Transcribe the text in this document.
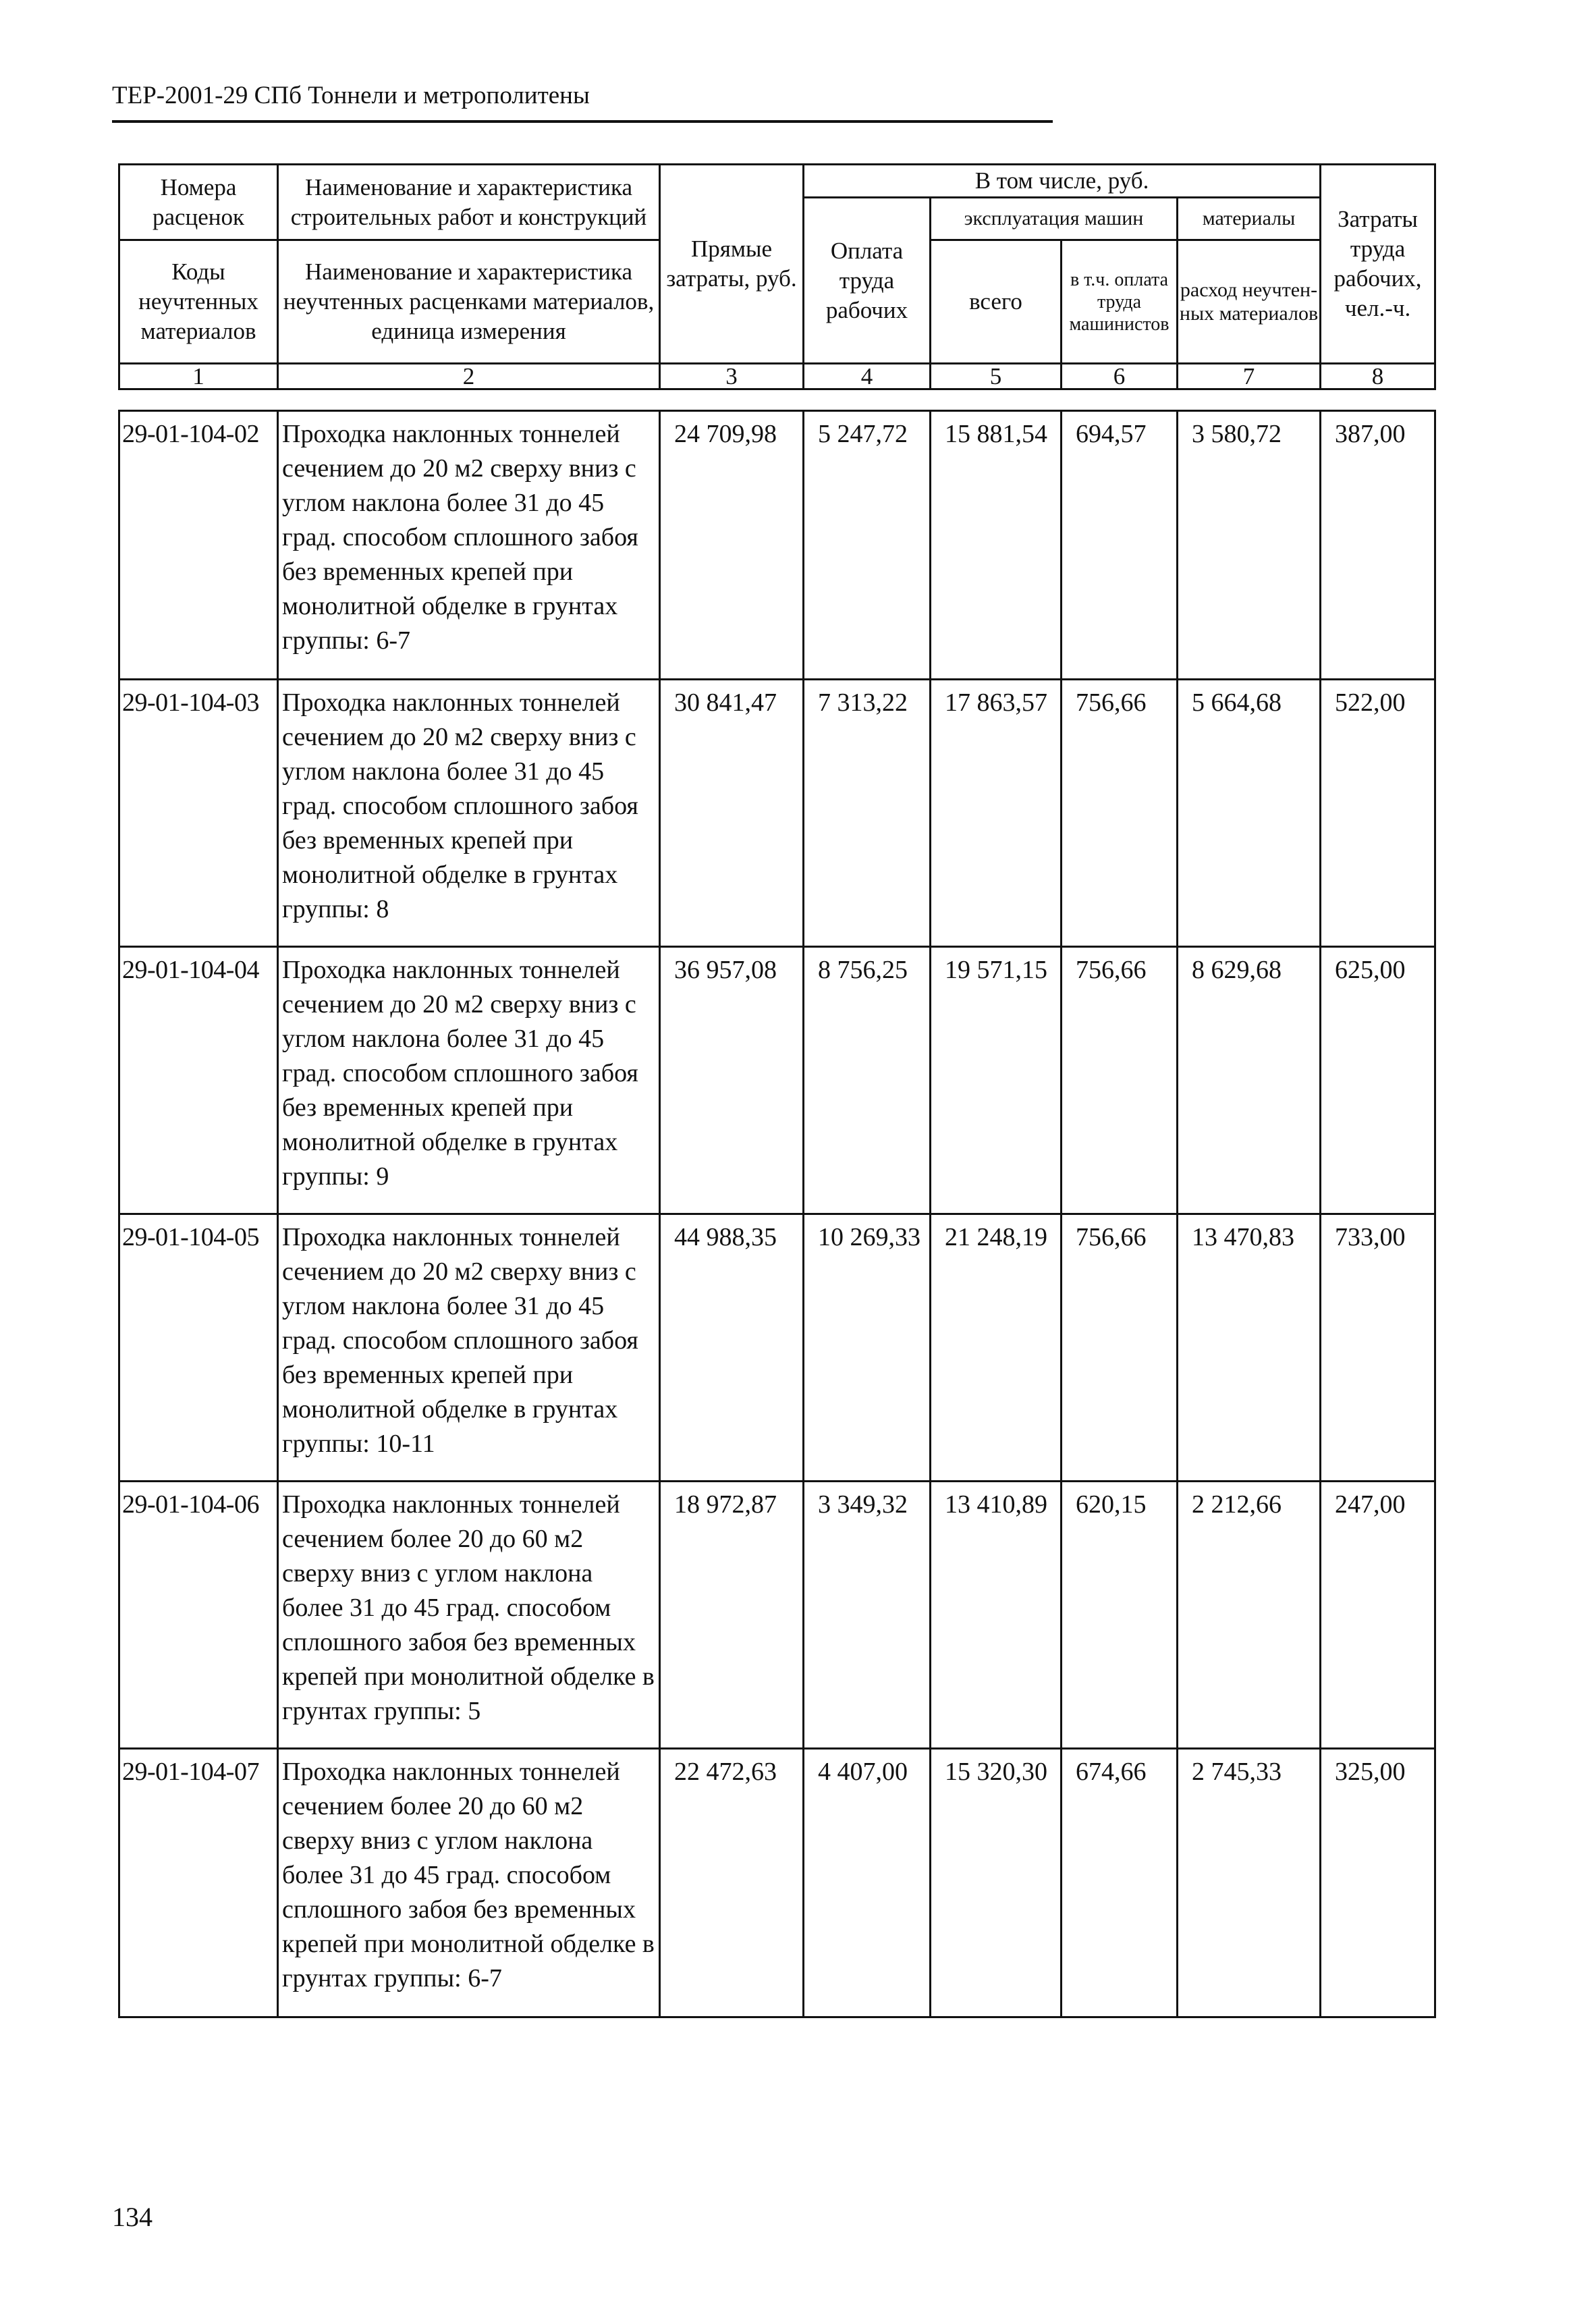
ТЕР-2001-29 СПб Тоннели и метрополитены
Номера расценок	Наименование и характеристика строительных работ и конструкций	Прямые затраты, руб.	В том числе, руб.				Затраты труда рабочих, чел.-ч.
			Оплата труда рабочих	эксплуатация машин		материалы	

Коды неучтенных материалов	Наименование и характеристика неучтенных расценками материалов, единица измерения			всего	в т.ч. оплата труда машинистов	расход неучтен-ных материалов	

1	2	3	4	5	6	7	8
29-01-104-02	Проходка наклонных тоннелей сечением до 20 м2 сверху вниз с углом наклона более 31 до 45 град. способом сплошного забоя без временных крепей при монолитной обделке в грунтах группы: 6-7	24 709,98	5 247,72	15 881,54	694,57	3 580,72	387,00
29-01-104-03	Проходка наклонных тоннелей сечением до 20 м2 сверху вниз с углом наклона более 31 до 45 град. способом сплошного забоя без временных крепей при монолитной обделке в грунтах группы: 8	30 841,47	7 313,22	17 863,57	756,66	5 664,68	522,00
29-01-104-04	Проходка наклонных тоннелей сечением до 20 м2 сверху вниз с углом наклона более 31 до 45 град. способом сплошного забоя без временных крепей при монолитной обделке в грунтах группы: 9	36 957,08	8 756,25	19 571,15	756,66	8 629,68	625,00
29-01-104-05	Проходка наклонных тоннелей сечением до 20 м2 сверху вниз с углом наклона более 31 до 45 град. способом сплошного забоя без временных крепей при монолитной обделке в грунтах группы: 10-11	44 988,35	10 269,33	21 248,19	756,66	13 470,83	733,00
29-01-104-06	Проходка наклонных тоннелей сечением более 20 до 60 м2 сверху вниз с углом наклона более 31 до 45 град. способом сплошного забоя без временных крепей при монолитной обделке в грунтах группы: 5	18 972,87	3 349,32	13 410,89	620,15	2 212,66	247,00
29-01-104-07	Проходка наклонных тоннелей сечением более 20 до 60 м2 сверху вниз с углом наклона более 31 до 45 град. способом сплошного забоя без временных крепей при монолитной обделке в грунтах группы: 6-7	22 472,63	4 407,00	15 320,30	674,66	2 745,33	325,00
134
